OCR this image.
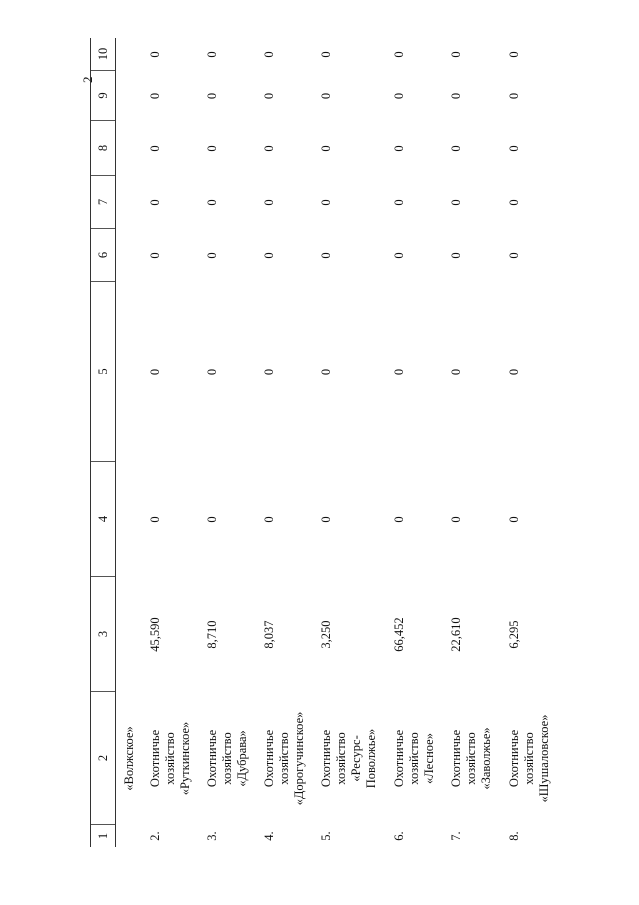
2
1
2
3
4
5
6
7
8
9
10
«Волжское»
2.
Охотничье
хозяйство
«Руткинское»
45,590
0
0
0
0
0
0
0
3.
Охотничье
хозяйство
«Дубрава»
8,710
0
0
0
0
0
0
0
4.
Охотничье
хозяйство
«Дорогучинское»
8,037
0
0
0
0
0
0
0
5.
Охотничье
хозяйство
«Ресурс-
Поволжье»
3,250
0
0
0
0
0
0
0
6.
Охотничье
хозяйство
«Лесное»
66,452
0
0
0
0
0
0
0
7.
Охотничье
хозяйство
«Заволжье»
22,610
0
0
0
0
0
0
0
8.
Охотничье
хозяйство
«Шушаловское»
6,295
0
0
0
0
0
0
0
